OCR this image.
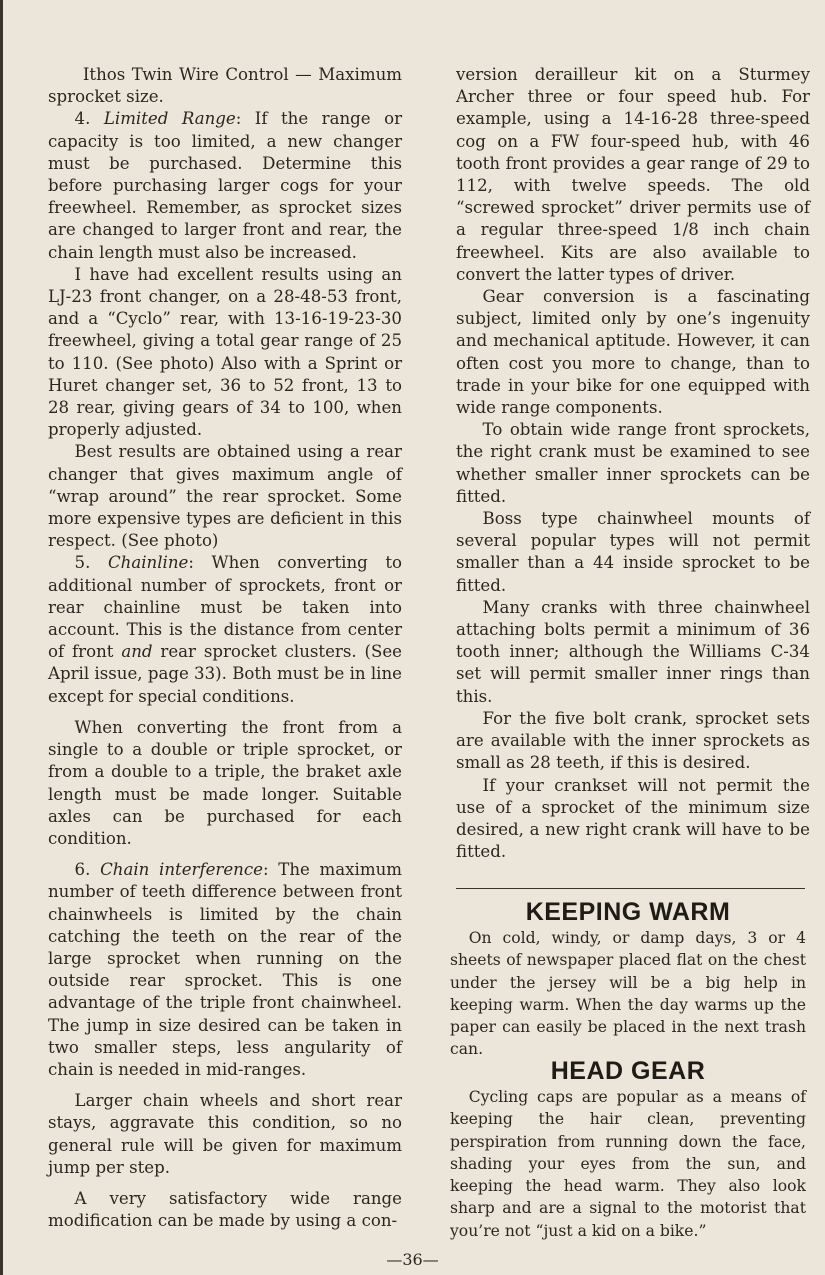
Ithos Twin Wire Control — Maximum sprocket size.

4. Limited Range: If the range or capacity is too limited, a new changer must be purchased. Determine this before purchasing larger cogs for your freewheel. Remember, as sprocket sizes are changed to larger front and rear, the chain length must also be increased.

I have had excellent results using an LJ-23 front changer, on a 28-48-53 front, and a “Cyclo” rear, with 13-16-19-23-30 freewheel, giving a total gear range of 25 to 110. (See photo) Also with a Sprint or Huret changer set, 36 to 52 front, 13 to 28 rear, giving gears of 34 to 100, when properly adjusted.

Best results are obtained using a rear changer that gives maximum angle of “wrap around” the rear sprocket. Some more expensive types are deficient in this respect. (See photo)

5. Chainline: When converting to additional number of sprockets, front or rear chainline must be taken into account. This is the distance from center of front and rear sprocket clusters. (See April issue, page 33). Both must be in line except for special conditions.

When converting the front from a single to a double or triple sprocket, or from a double to a triple, the braket axle length must be made longer. Suitable axles can be purchased for each condition.

6. Chain interference: The maximum number of teeth difference between front chainwheels is limited by the chain catching the teeth on the rear of the large sprocket when running on the outside rear sprocket. This is one advantage of the triple front chainwheel. The jump in size desired can be taken in two smaller steps, less angularity of chain is needed in mid-ranges.

Larger chain wheels and short rear stays, aggravate this condition, so no general rule will be given for maximum jump per step.

A very satisfactory wide range modification can be made by using a con-

version derailleur kit on a Sturmey Archer three or four speed hub. For example, using a 14-16-28 three-speed cog on a FW four-speed hub, with 46 tooth front provides a gear range of 29 to 112, with twelve speeds. The old “screwed sprocket” driver permits use of a regular three-speed 1/8 inch chain freewheel. Kits are also available to convert the latter types of driver.

Gear conversion is a fascinating subject, limited only by one’s ingenuity and mechanical aptitude. However, it can often cost you more to change, than to trade in your bike for one equipped with wide range components.

To obtain wide range front sprockets, the right crank must be examined to see whether smaller inner sprockets can be fitted.

Boss type chainwheel mounts of several popular types will not permit smaller than a 44 inside sprocket to be fitted.

Many cranks with three chainwheel attaching bolts permit a minimum of 36 tooth inner; although the Williams C-34 set will permit smaller inner rings than this.

For the five bolt crank, sprocket sets are available with the inner sprockets as small as 28 teeth, if this is desired.

If your crankset will not permit the use of a sprocket of the minimum size desired, a new right crank will have to be fitted.

KEEPING WARM

On cold, windy, or damp days, 3 or 4 sheets of newspaper placed flat on the chest under the jersey will be a big help in keeping warm. When the day warms up the paper can easily be placed in the next trash can.

HEAD GEAR

Cycling caps are popular as a means of keeping the hair clean, preventing perspiration from running down the face, shading your eyes from the sun, and keeping the head warm. They also look sharp and are a signal to the motorist that you’re not “just a kid on a bike.”

—36—
